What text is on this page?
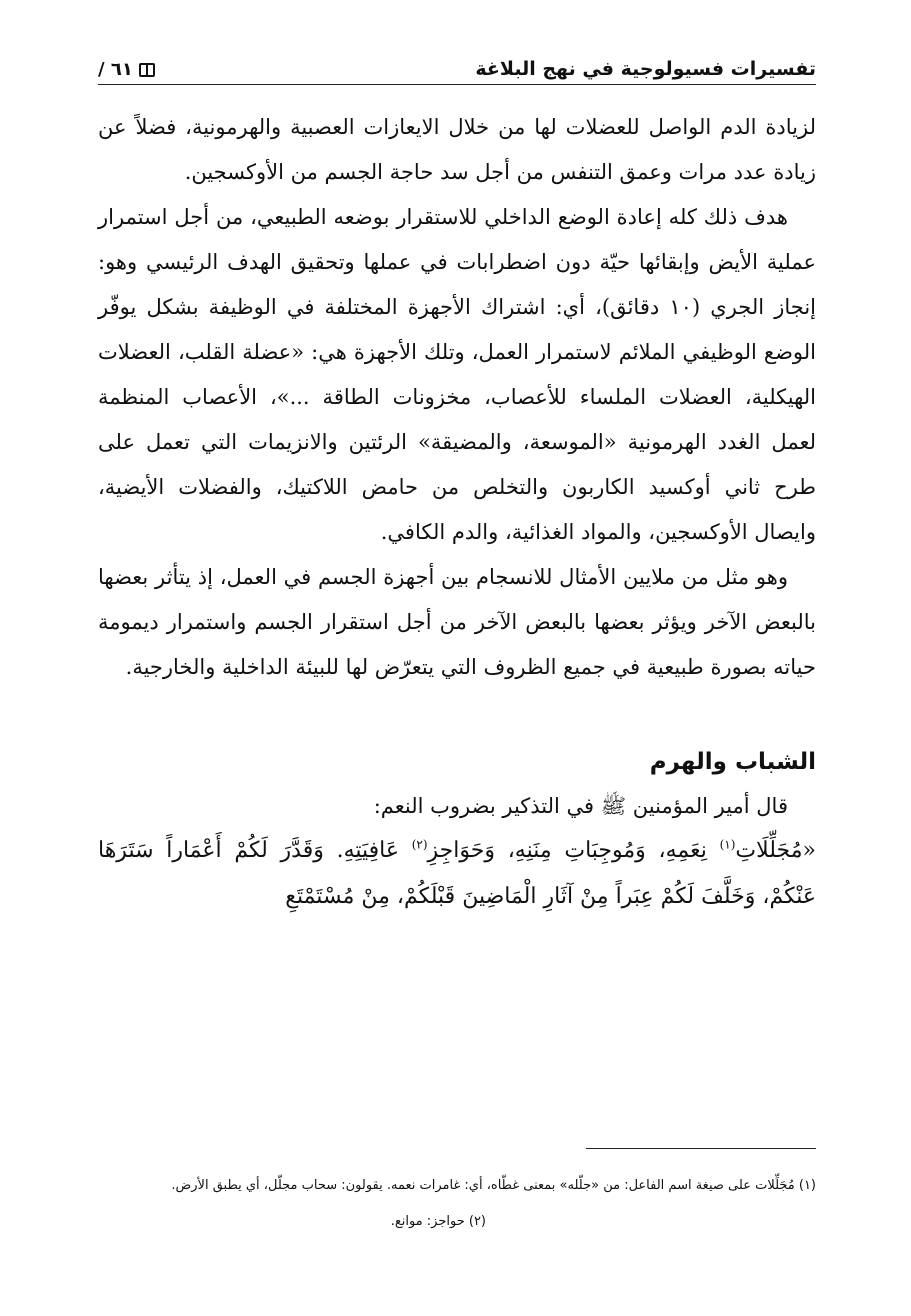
تفسيرات فسيولوجية في نهج البلاغة
٦١ /

لزيادة الدم الواصل للعضلات لها من خلال الايعازات العصبية والهرمونية، فضلاً عن زيادة عدد مرات وعمق التنفس من أجل سد حاجة الجسم من الأوكسجين.

هدف ذلك كله إعادة الوضع الداخلي للاستقرار بوضعه الطبيعي، من أجل استمرار عملية الأيض وإبقائها حيّة دون اضطرابات في عملها وتحقيق الهدف الرئيسي وهو: إنجاز الجري (١٠ دقائق)، أي: اشتراك الأجهزة المختلفة في الوظيفة بشكل يوفّر الوضع الوظيفي الملائم لاستمرار العمل، وتلك الأجهزة هي: «عضلة القلب، العضلات الهيكلية، العضلات الملساء للأعصاب، مخزونات الطاقة ...»، الأعصاب المنظمة لعمل الغدد الهرمونية «الموسعة، والمضيقة» الرئتين والانزيمات التي تعمل على طرح ثاني أوكسيد الكاربون والتخلص من حامض اللاكتيك، والفضلات الأيضية، وايصال الأوكسجين، والمواد الغذائية، والدم الكافي.

وهو مثل من ملايين الأمثال للانسجام بين أجهزة الجسم في العمل، إذ يتأثر بعضها بالبعض الآخر ويؤثر بعضها بالبعض الآخر من أجل استقرار الجسم واستمرار ديمومة حياته بصورة طبيعية في جميع الظروف التي يتعرّض لها للبيئة الداخلية والخارجية.

الشباب والهرم

قال أمير المؤمنين ﷺ في التذكير بضروب النعم:

«مُجَلِّلَاتِ$^{(١)}$ نِعَمِهِ، وَمُوجِبَاتِ مِنَنِهِ، وَحَوَاجِزِ$^{(٢)}$ عَافِيَتِهِ. وَقَدَّرَ لَكُمْ أَعْمَاراً سَتَرَهَا عَنْكُمْ، وَخَلَّفَ لَكُمْ عِبَراً مِنْ آثَارِ الْمَاضِينَ قَبْلَكُمْ، مِنْ مُسْتَمْتَعِ

(١) مُجَلِّلات على صيغة اسم الفاعل: من «جلّله» بمعنى غطّاه، أي: غامرات نعمه. يقولون: سحاب مجلّل، أي يطبق الأرض.
(٢) حواجز: موانع.
